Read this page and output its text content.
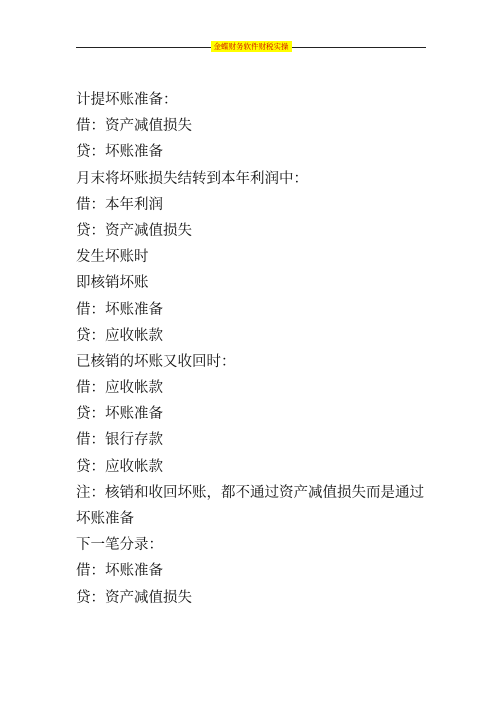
金蝶财务软件财税实操
计提坏账准备：
借：资产减值损失
贷：坏账准备
月末将坏账损失结转到本年利润中：
借：本年利润
贷：资产减值损失
发生坏账时
即核销坏账
借：坏账准备
贷：应收帐款
已核销的坏账又收回时：
借：应收帐款
贷：坏账准备
借：银行存款
贷：应收帐款
注：核销和收回坏账，都不通过资产减值损失而是通过坏账准备
下一笔分录：
借：坏账准备
贷：资产减值损失
